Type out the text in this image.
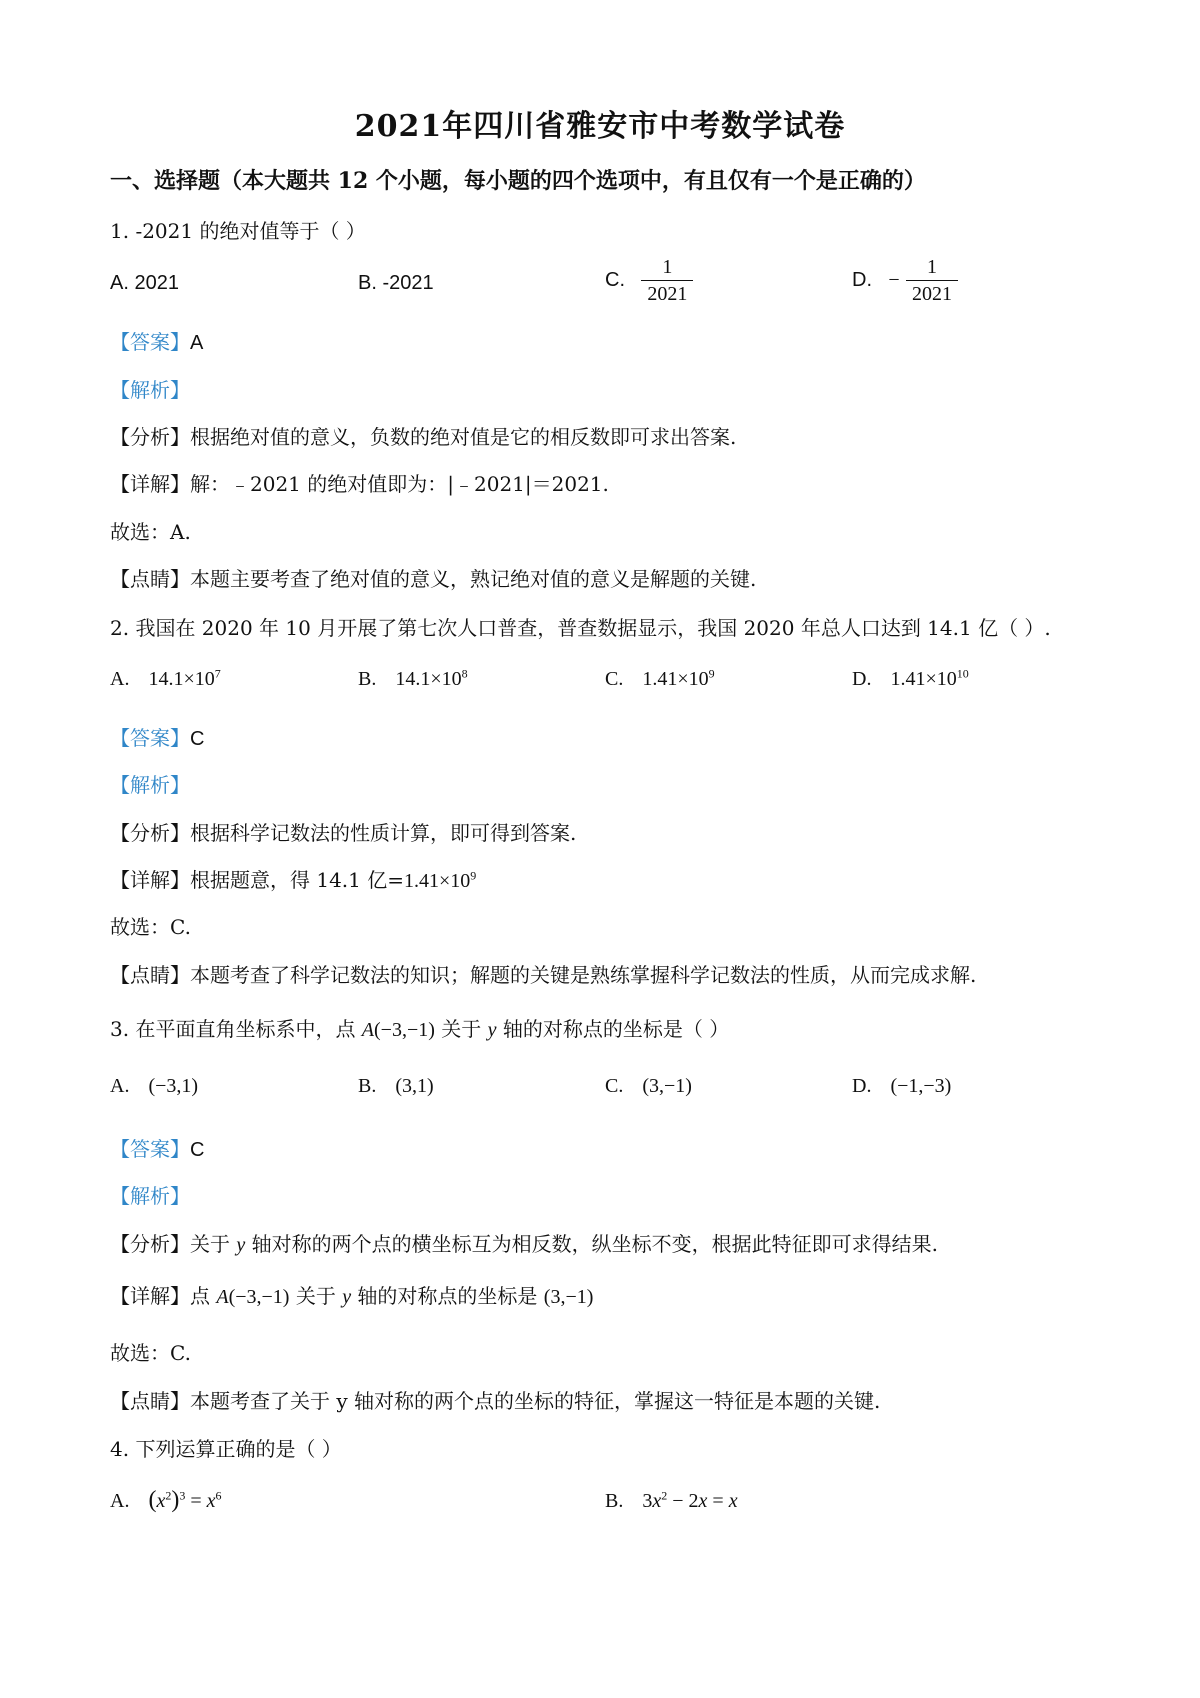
2021年四川省雅安市中考数学试卷
一、选择题（本大题共 12 个小题，每小题的四个选项中，有且仅有一个是正确的）
1. -2021 的绝对值等于（ ）
A. 2021	B. -2021	C. $\frac{1}{2021}$	D. − $\frac{1}{2021}$
【答案】A
【解析】
【分析】根据绝对值的意义，负数的绝对值是它的相反数即可求出答案.
【详解】解：﹣2021 的绝对值即为：|﹣2021|＝2021.
故选：A.
【点睛】本题主要考查了绝对值的意义，熟记绝对值的意义是解题的关键.
2. 我国在 2020 年 10 月开展了第七次人口普查，普查数据显示，我国 2020 年总人口达到 14.1 亿（ ）.
A. $14.1\times 10^7$	B. $14.1\times 10^8$	C. $1.41\times 10^9$	D. $1.41\times 10^{10}$
【答案】C
【解析】
【分析】根据科学记数法的性质计算，即可得到答案.
【详解】根据题意，得 14.1 亿$=1.41\times 10^9$
故选：C.
【点睛】本题考查了科学记数法的知识；解题的关键是熟练掌握科学记数法的性质，从而完成求解.
3. 在平面直角坐标系中，点 A(−3,−1) 关于 y 轴的对称点的坐标是（ ）
A. (−3,1)	B. (3,1)	C. (3,−1)	D. (−1,−3)
【答案】C
【解析】
【分析】关于 y 轴对称的两个点的横坐标互为相反数，纵坐标不变，根据此特征即可求得结果.
【详解】点 A(−3,−1) 关于 y 轴的对称点的坐标是 (3,−1)
故选：C.
【点睛】本题考查了关于 y 轴对称的两个点的坐标的特征，掌握这一特征是本题的关键.
4. 下列运算正确的是（ ）
A. $(x^2)^3 = x^6$	B. $3x^2 - 2x = x$
